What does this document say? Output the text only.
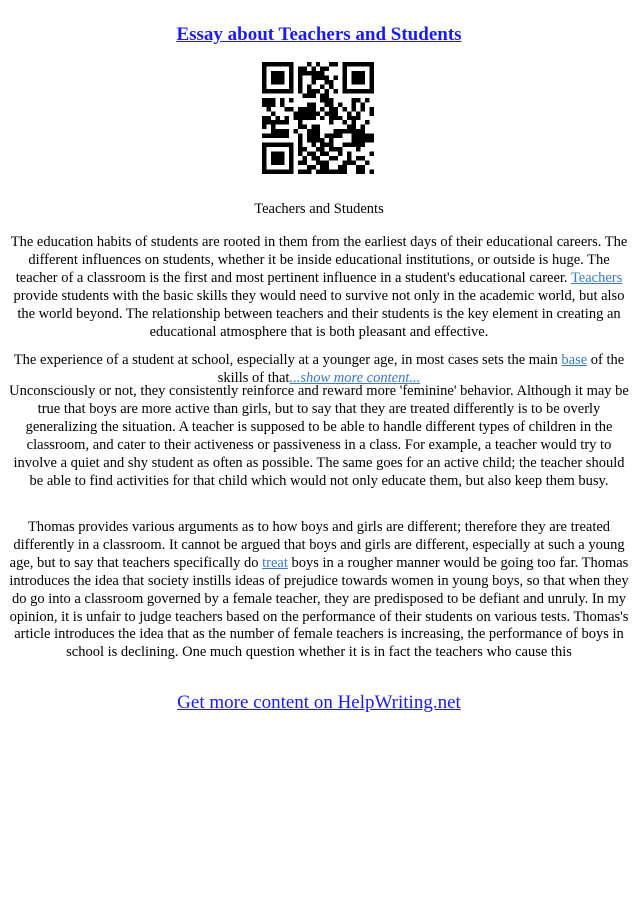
Essay about Teachers and Students

Teachers and Students

The education habits of students are rooted in them from the earliest days of their educational careers. The different influences on students, whether it be inside educational institutions, or outside is huge. The teacher of a classroom is the first and most pertinent influence in a student's educational career. Teachers provide students with the basic skills they would need to survive not only in the academic world, but also the world beyond. The relationship between teachers and their students is the key element in creating an educational atmosphere that is both pleasant and effective.

The experience of a student at school, especially at a younger age, in most cases sets the main base of the skills of that...show more content...

Unconsciously or not, they consistently reinforce and reward more 'feminine' behavior. Although it may be true that boys are more active than girls, but to say that they are treated differently is to be overly generalizing the situation. A teacher is supposed to be able to handle different types of children in the classroom, and cater to their activeness or passiveness in a class. For example, a teacher would try to involve a quiet and shy student as often as possible. The same goes for an active child; the teacher should be able to find activities for that child which would not only educate them, but also keep them busy.

Thomas provides various arguments as to how boys and girls are different; therefore they are treated differently in a classroom. It cannot be argued that boys and girls are different, especially at such a young age, but to say that teachers specifically do treat boys in a rougher manner would be going too far. Thomas introduces the idea that society instills ideas of prejudice towards women in young boys, so that when they do go into a classroom governed by a female teacher, they are predisposed to be defiant and unruly. In my opinion, it is unfair to judge teachers based on the performance of their students on various tests. Thomas's article introduces the idea that as the number of female teachers is increasing, the performance of boys in school is declining. One much question whether it is in fact the teachers who cause this

Get more content on HelpWriting.net
